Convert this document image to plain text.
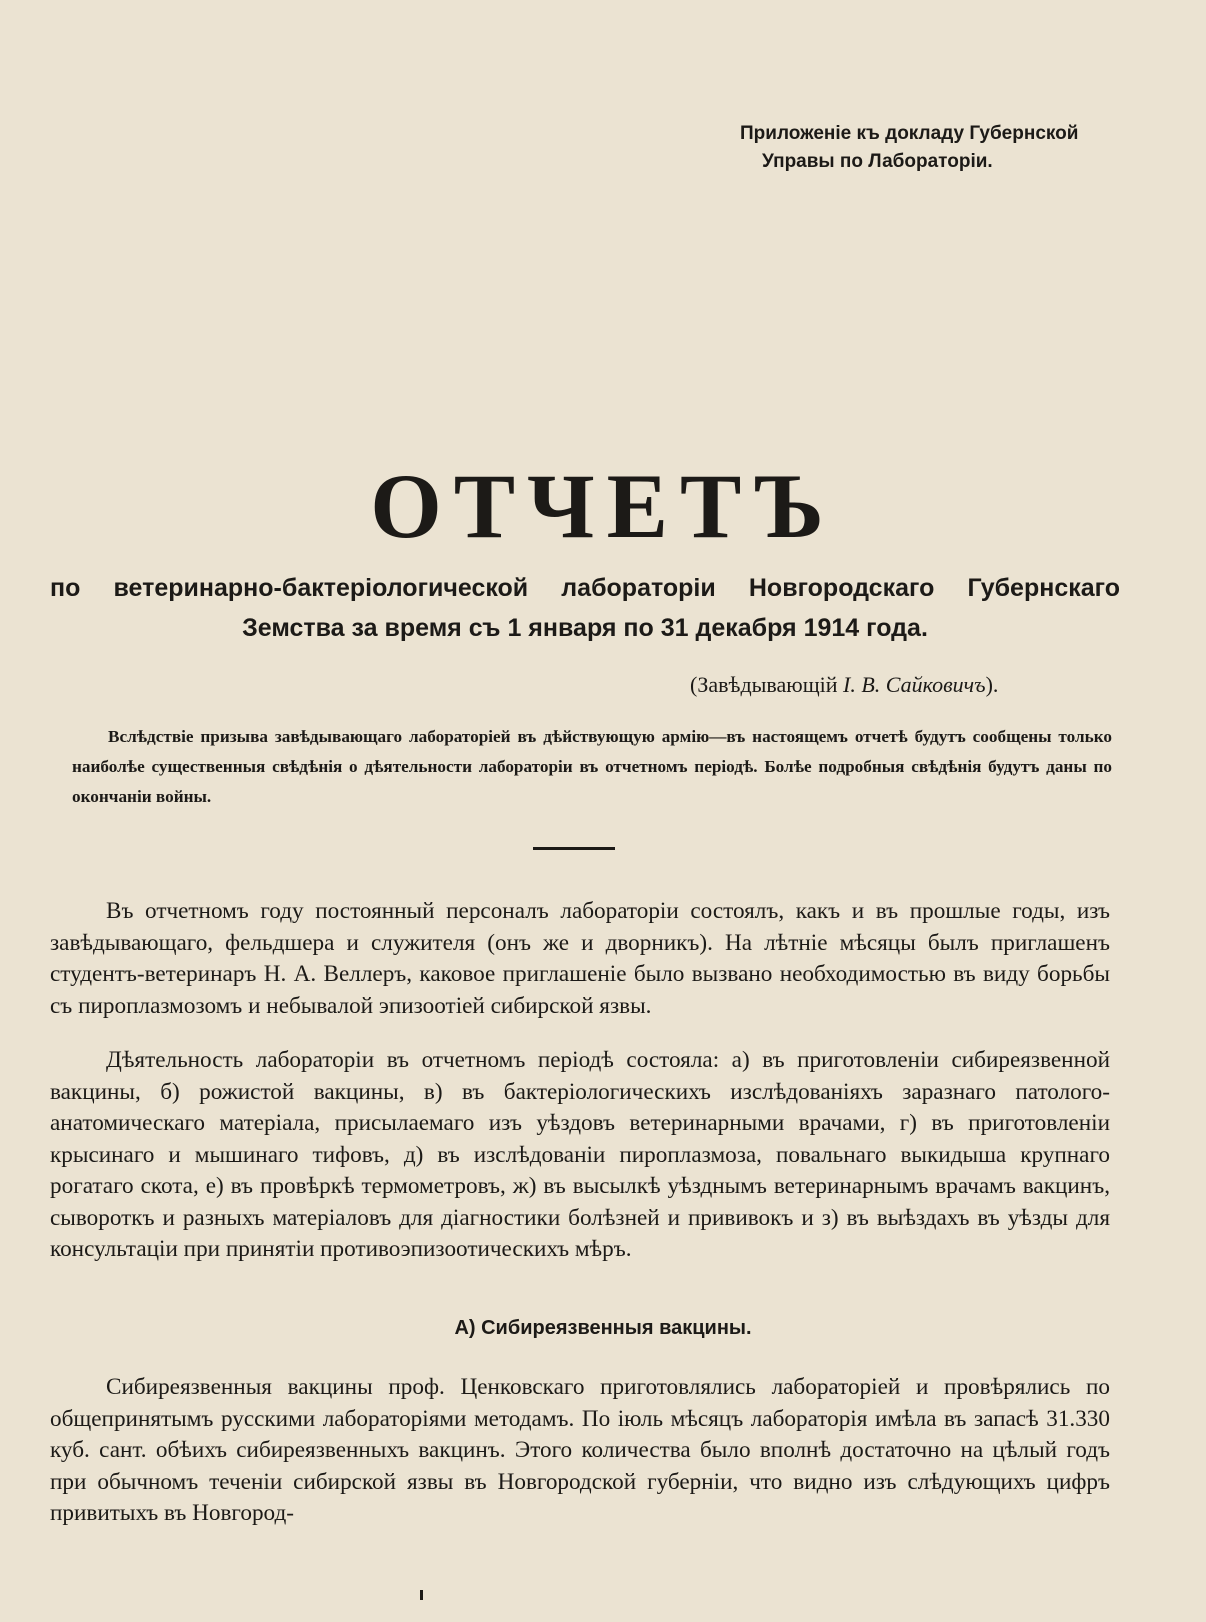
Приложеніе къ докладу Губернской
Управы по Лабораторіи.
ОТЧЕТЪ
по ветеринарно-бактеріологической лабораторіи Новгородскаго Губернскаго
Земства за время съ 1 января по 31 декабря 1914 года.
(Завѣдывающій І. В. Сайковичъ).
Вслѣдствіе призыва завѣдывающаго лабораторіей въ дѣйствующую армію—въ настоящемъ отчетѣ будутъ сообщены только наиболѣе существенныя свѣдѣнія о дѣятельности лабораторіи въ отчетномъ періодѣ. Болѣе подробныя свѣдѣнія будутъ даны по окончаніи войны.
Въ отчетномъ году постоянный персоналъ лабораторіи состоялъ, какъ и въ прошлые годы, изъ завѣдывающаго, фельдшера и служителя (онъ же и дворникъ). На лѣтніе мѣсяцы былъ приглашенъ студентъ-ветеринаръ Н. А. Веллеръ, каковое приглашеніе было вызвано необходимостью въ виду борьбы съ пироплазмозомъ и небывалой эпизоотіей сибирской язвы.
Дѣятельность лабораторіи въ отчетномъ періодѣ состояла: а) въ приготовленіи сибиреязвенной вакцины, б) рожистой вакцины, в) въ бактеріологическихъ изслѣдованіяхъ заразнаго патолого-анатомическаго матеріала, присылаемаго изъ уѣздовъ ветеринарными врачами, г) въ приготовленіи крысинаго и мышинаго тифовъ, д) въ изслѣдованіи пироплазмоза, повальнаго выкидыша крупнаго рогатаго скота, е) въ провѣркѣ термометровъ, ж) въ высылкѣ уѣзднымъ ветеринарнымъ врачамъ вакцинъ, сывороткъ и разныхъ матеріаловъ для діагностики болѣзней и прививокъ и з) въ выѣздахъ въ уѣзды для консультаціи при принятіи противоэпизоотическихъ мѣръ.
А) Сибиреязвенныя вакцины.
Сибиреязвенныя вакцины проф. Ценковскаго приготовлялись лабораторіей и провѣрялись по общепринятымъ русскими лабораторіями методамъ. По іюль мѣсяцъ лабораторія имѣла въ запасѣ 31.330 куб. сант. обѣихъ сибиреязвенныхъ вакцинъ. Этого количества было вполнѣ достаточно на цѣлый годъ при обычномъ теченіи сибирской язвы въ Новгородской губерніи, что видно изъ слѣдующихъ цифръ привитыхъ въ Новгород-
